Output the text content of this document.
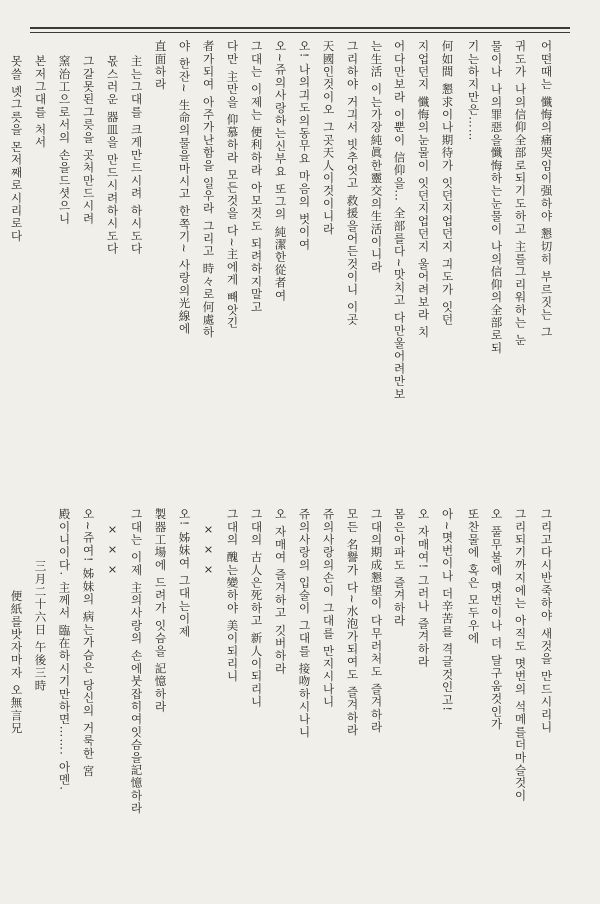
어떤때는 懺悔의痛哭임이强하야 懇切히 부르짓는 그
귀도가 나의信仰全部로되기도하고 主를그리워하는 눈
물이나 나의罪惡을懺悔하는눈물이 나의信仰의全部로되
기는하지만은……
何如間 懇求이나期待가 잇던지업던지 긔도가 잇던
지업던지 懺悔의눈물이 잇던지업던지 울어려보라 치
어다만보라 이뿐이 信仰을… 全部를다~맛치고 다만울어려만보
는生活 이는가장純眞한靈交의生活이니라
그리하야 거긔서 빗추엇고 救援을어든것이니 이곳
天國인것이오 그곳天人이것이니라
오! 나의긔도의동무요 마음의 벗이여
오~쥬의사랑하는신부요 또그의 純潔한從者여
그대는 이제는 便利하라 아모것도 되려하지말고
다만 主만을 仰慕하라 모든것을 다~主에게 빼앗긴
者가되여 아주가난함을 일우라 그리고 時々로何處하
야 한잔~ 生命의물을마시고 한쪽기~ 사랑의光線에
直面하라
主는그대를 크게만드시려 하시도다
몫스러운 器皿을 만드시려하시도다
그갈못된그릇을 곳처만드시려
窯治工으로서의 손을드셧으니
본저그대를 처서
못쓸 녯그릇을 몬저째로시리로다
그리고다시반죽하야 새것을 만드시리니
그리되기까지에는 아직도 몃번의 석메를더마슬것이
오 풀무불에 몃번이나 더 달구움것인가
또찬물에 혹은 모두우에
아~몃번이나 더辛苦를 격글것인고!
오 자매여! 그러나 즐겨하라
몸은아파도 즐겨하라
그대의期成懇望이 다무러처도 즐겨하라
모든 名譽가 다~水泡가되여도 즐겨하라
쥬의사랑의손이 그대를 만지시나니
쥬의사랑의 입술이 그대를 接吻하시나니
오 자매여 즐겨하고 깃버하라
그대의 古人은死하고 新人이되리니
그대의 醜는變하야 美이되리니
× × ×
오! 姊妹여 그대는이제
製器工場에 드려가 잇슴을 記憶하라
그대는 이제 主의사랑의 손에붓잡히여잇슴을記憶하라
× × ×
오~쥬여! 姊妹의 病는가슴은 당신의 거룩한 宮
殿이니이다. 主께서 臨在하시기만하면……. 아멘.
三月二十六日 午後三時
便紙를밧자마자 오無言兄
